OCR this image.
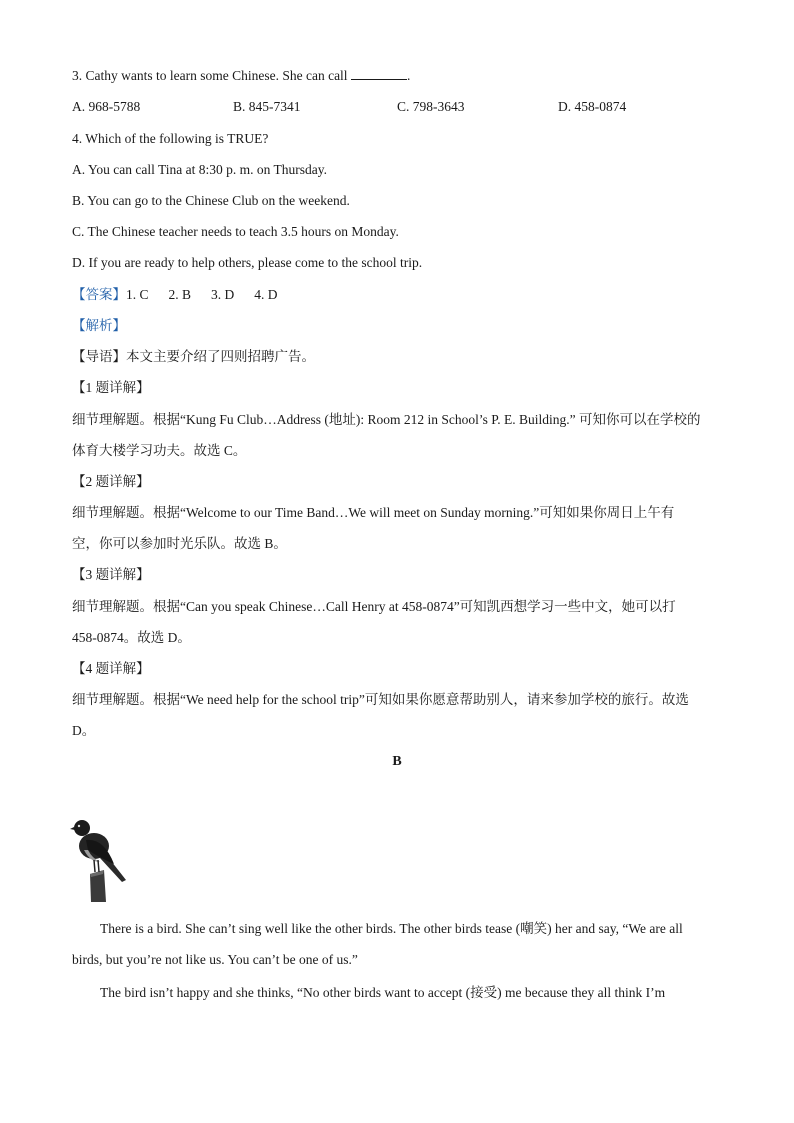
3. Cathy wants to learn some Chinese. She can call	.
A. 968-5788	B. 845-7341	C. 798-3643	D. 458-0874
4. Which of the following is TRUE?
A. You can call Tina at 8:30 p. m. on Thursday.
B. You can go to the Chinese Club on the weekend.
C. The Chinese teacher needs to teach 3.5 hours on Monday.
D. If you are ready to help others, please come to the school trip.
【答案】1. C 2. B 3. D 4. D
【解析】
【导语】本文主要介绍了四则招聘广告。
【1 题详解】
细节理解题。根据“Kung Fu Club…Address (地址): Room 212 in School’s P. E. Building.” 可知你可以在学校的
体育大楼学习功夫。故选 C。
【2 题详解】
细节理解题。根据“Welcome to our Time Band…We will meet on Sunday morning.”可知如果你周日上午有
空，你可以参加时光乐队。故选 B。
【3 题详解】
细节理解题。根据“Can you speak Chinese…Call Henry at 458-0874”可知凯西想学习一些中文，她可以打
458-0874。故选 D。
【4 题详解】
细节理解题。根据“We need help for the school trip”可知如果你愿意帮助别人，请来参加学校的旅行。故选
D。
B
There is a bird. She can’t sing well like the other birds. The other birds tease (嘲笑) her and say, “We are all
birds, but you’re not like us. You can’t be one of us.”
The bird isn’t happy and she thinks, “No other birds want to accept (接受) me because they all think I’m
